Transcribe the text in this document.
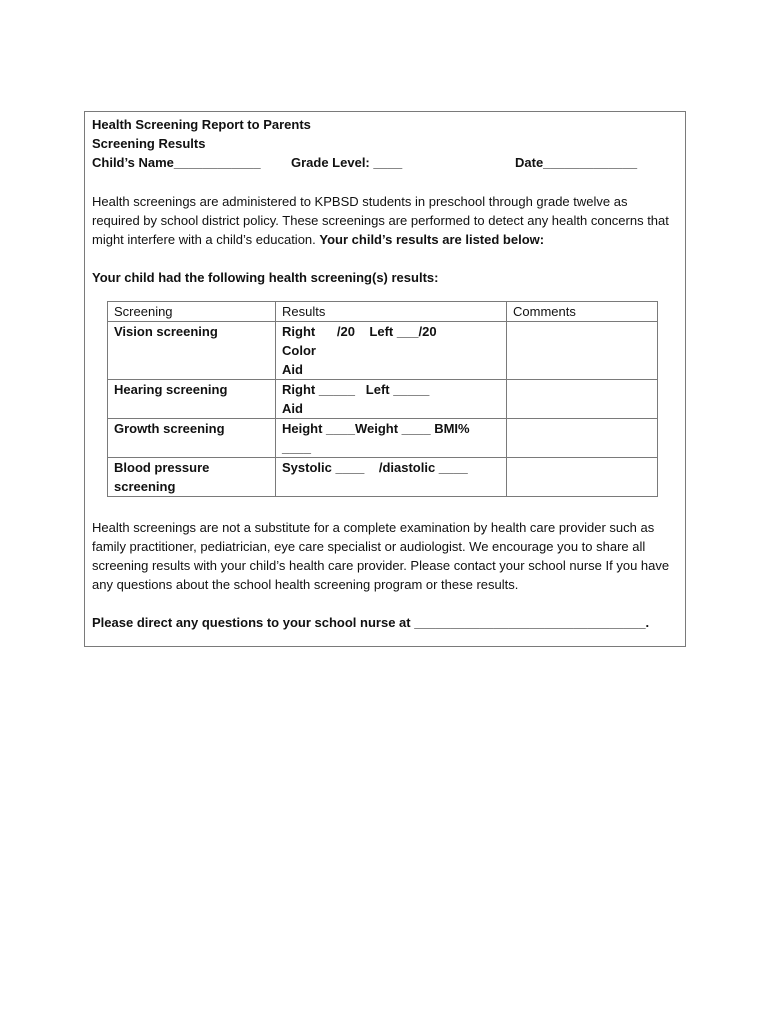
Health Screening Report to Parents
Screening Results
Child’s Name____________ Grade Level: ____	Date_____________

Health screenings are administered to KPBSD students in preschool through grade twelve as required by school district policy. These screenings are performed to detect any health concerns that might interfere with a child’s education. Your child’s results are listed below:

Your child had the following health screening(s) results:

Health screenings are not a substitute for a complete examination by health care provider such as family practitioner, pediatrician, eye care specialist or audiologist. We encourage you to share all screening results with your child’s health care provider. Please contact your school nurse If you have any questions about the school health screening program or these results.

Please direct any questions to your school nurse at ________________________________.

Screening	Results	Comments
Vision screening	Right      /20    Left ___/20
Color
Aid	

Hearing screening	Right _____   Left _____
Aid	

Growth screening	Height ____Weight ____ BMI%
____	

Blood pressure screening	Systolic ____    /diastolic ____	
